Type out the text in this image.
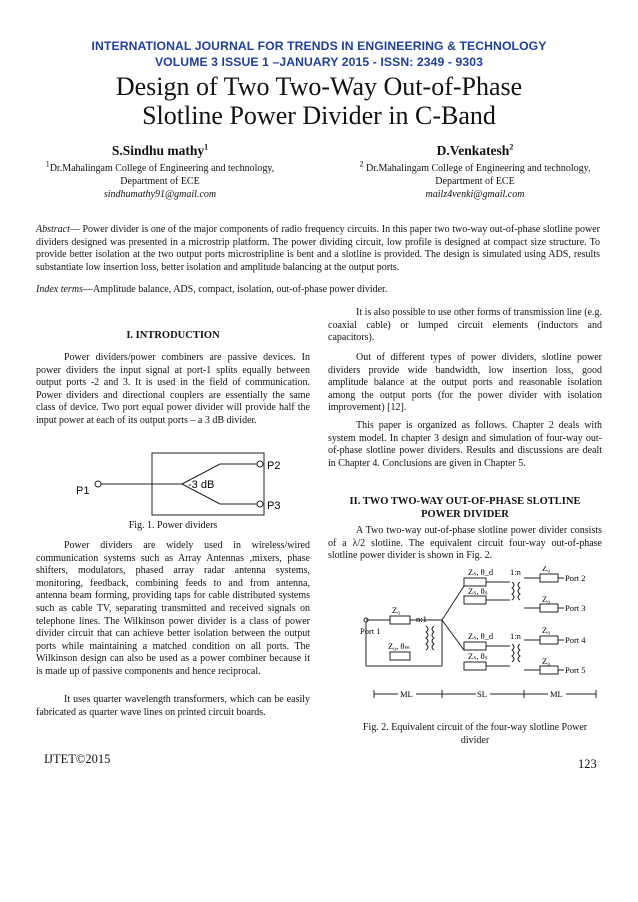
INTERNATIONAL JOURNAL FOR TRENDS IN ENGINEERING & TECHNOLOGY
VOLUME 3 ISSUE 1 –JANUARY 2015 - ISSN: 2349 - 9303
Design of Two Two-Way Out-of-Phase
Slotline Power Divider in C-Band
S.Sindhu mathy$^1$
$^1$Dr.Mahalingam College of Engineering and technology,
Department of ECE
sindhumathy91@gmail.com
D.Venkatesh$^2$
$^2$ Dr.Mahalingam College of Engineering and technology,
Department of ECE
mailz4venki@gmail.com
Abstract— Power divider is one of the major components of radio frequency circuits. In this paper two two-way out-of-phase slotline power dividers designed was presented in a microstrip platform. The power dividing circuit, low profile is designed at compact size structure. To provide better isolation at the two output ports microstripline is bent and a slotline is provided. The design is simulated using ADS, results substantiate low insertion loss, better isolation and amplitude balancing at the output ports.
Index terms—Amplitude balance, ADS, compact, isolation, out-of-phase power divider.
I. INTRODUCTION

Power dividers/power combiners are passive devices. In power dividers the input signal at port-1 splits equally between output ports -2 and 3. It is used in the field of communication. Power dividers and directional couplers are essentially the same class of device. Two port equal power divider will provide half the input power at each of its output ports – a 3 dB divider.

P1
P2
P3
-3 dB
Fig. 1. Power dividers

Power dividers are widely used in wireless/wired communication systems such as Array Antennas ,mixers, phase shifters, modulators, phased array radar antenna systems, monitoring, feedback, combining feeds to and from antenna, antenna beam forming, providing taps for cable distributed systems such as cable TV, separating transmitted and received signals on telephone lines. The Wilkinson power divider is a class of power divider circuit that can achieve better isolation between the output ports while maintaining a matched condition on all ports. The Wilkinson design can also be used as a power combiner because it is made up of passive components and hence reciprocal.

It uses quarter wavelength transformers, which can be easily fabricated as quarter wave lines on printed circuit boards.

It is also possible to use other forms of transmission line (e.g. coaxial cable) or lumped circuit elements (inductors and capacitors).

Out of different types of power dividers, slotline power dividers provide wide bandwidth, low insertion loss, good amplitude balance at the output ports and reasonable isolation among the output ports (for the power divider with isolation improvement) [12].

This paper is organized as follows. Chapter 2 deals with system model. In chapter 3 design and simulation of four-way out-of-phase slotline power dividers. Results and discussions are dealt in Chapter 4. Conclusions are given in Chapter 5.

II. TWO TWO-WAY OUT-OF-PHASE SLOTLINE
POWER DIVIDER

A Two two-way out-of-phase slotline power divider consists of a λ/2 slotline. The equivalent circuit four-way out-of-phase slotline power divider is shown in Fig. 2.

Port 1
Z₀
Z₀, θₘ
n:1
Zₛ, θ_d
Zₛ, θₛ
Zₛ, θ_d
Zₛ, θₛ
1:n
1:n
Z₀
Z₀
Z₀
Z₀
Port 2
Port 3
Port 4
Port 5
ML	SL	ML
Fig. 2. Equivalent circuit of the four-way slotline Power
divider
IJTET©2015	123
